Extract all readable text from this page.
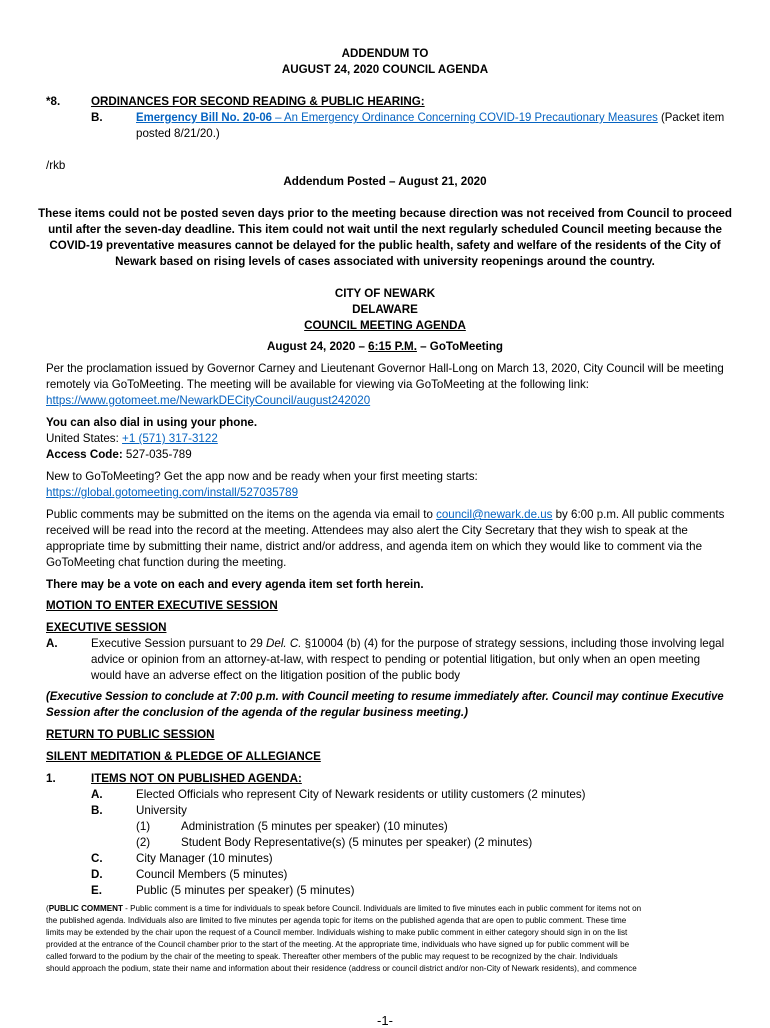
ADDENDUM TO
AUGUST 24, 2020 COUNCIL AGENDA
*8.	ORDINANCES FOR SECOND READING & PUBLIC HEARING:
B.	Emergency Bill No. 20-06 – An Emergency Ordinance Concerning COVID-19 Precautionary Measures (Packet item
posted 8/21/20.)
/rkb
Addendum Posted – August 21, 2020
These items could not be posted seven days prior to the meeting because direction was not received from Council to proceed
until after the seven-day deadline. This item could not wait until the next regularly scheduled Council meeting because the
COVID-19 preventative measures cannot be delayed for the public health, safety and welfare of the residents of the City of
Newark based on rising levels of cases associated with university reopenings around the country.
CITY OF NEWARK
DELAWARE
COUNCIL MEETING AGENDA
August 24, 2020 – 6:15 P.M. – GoToMeeting
Per the proclamation issued by Governor Carney and Lieutenant Governor Hall-Long on March 13, 2020, City Council will be meeting
remotely via GoToMeeting. The meeting will be available for viewing via GoToMeeting at the following link:
https://www.gotomeet.me/NewarkDECityCouncil/august242020
You can also dial in using your phone.
United States: +1 (571) 317-3122
Access Code: 527-035-789
New to GoToMeeting? Get the app now and be ready when your first meeting starts:
https://global.gotomeeting.com/install/527035789
Public comments may be submitted on the items on the agenda via email to council@newark.de.us by 6:00 p.m. All public comments
received will be read into the record at the meeting. Attendees may also alert the City Secretary that they wish to speak at the
appropriate time by submitting their name, district and/or address, and agenda item on which they would like to comment via the
GoToMeeting chat function during the meeting.
There may be a vote on each and every agenda item set forth herein.
MOTION TO ENTER EXECUTIVE SESSION
EXECUTIVE SESSION
A.	Executive Session pursuant to 29 Del. C. §10004 (b) (4) for the purpose of strategy sessions, including those involving legal
advice or opinion from an attorney-at-law, with respect to pending or potential litigation, but only when an open meeting
would have an adverse effect on the litigation position of the public body
(Executive Session to conclude at 7:00 p.m. with Council meeting to resume immediately after. Council may continue Executive
Session after the conclusion of the agenda of the regular business meeting.)
RETURN TO PUBLIC SESSION
SILENT MEDITATION & PLEDGE OF ALLEGIANCE
1.	ITEMS NOT ON PUBLISHED AGENDA:
A.	Elected Officials who represent City of Newark residents or utility customers (2 minutes)
B.	University
(1)	Administration (5 minutes per speaker) (10 minutes)
(2)	Student Body Representative(s) (5 minutes per speaker) (2 minutes)
C.	City Manager (10 minutes)
D.	Council Members (5 minutes)
E.	Public (5 minutes per speaker) (5 minutes)
(PUBLIC COMMENT - Public comment is a time for individuals to speak before Council. Individuals are limited to five minutes each in public comment for items not on
the published agenda. Individuals also are limited to five minutes per agenda topic for items on the published agenda that are open to public comment. These time
limits may be extended by the chair upon the request of a Council member. Individuals wishing to make public comment in either category should sign in on the list
provided at the entrance of the Council chamber prior to the start of the meeting. At the appropriate time, individuals who have signed up for public comment will be
called forward to the podium by the chair of the meeting to speak. Thereafter other members of the public may request to be recognized by the chair. Individuals
should approach the podium, state their name and information about their residence (address or council district and/or non-City of Newark residents), and commence
-1-
